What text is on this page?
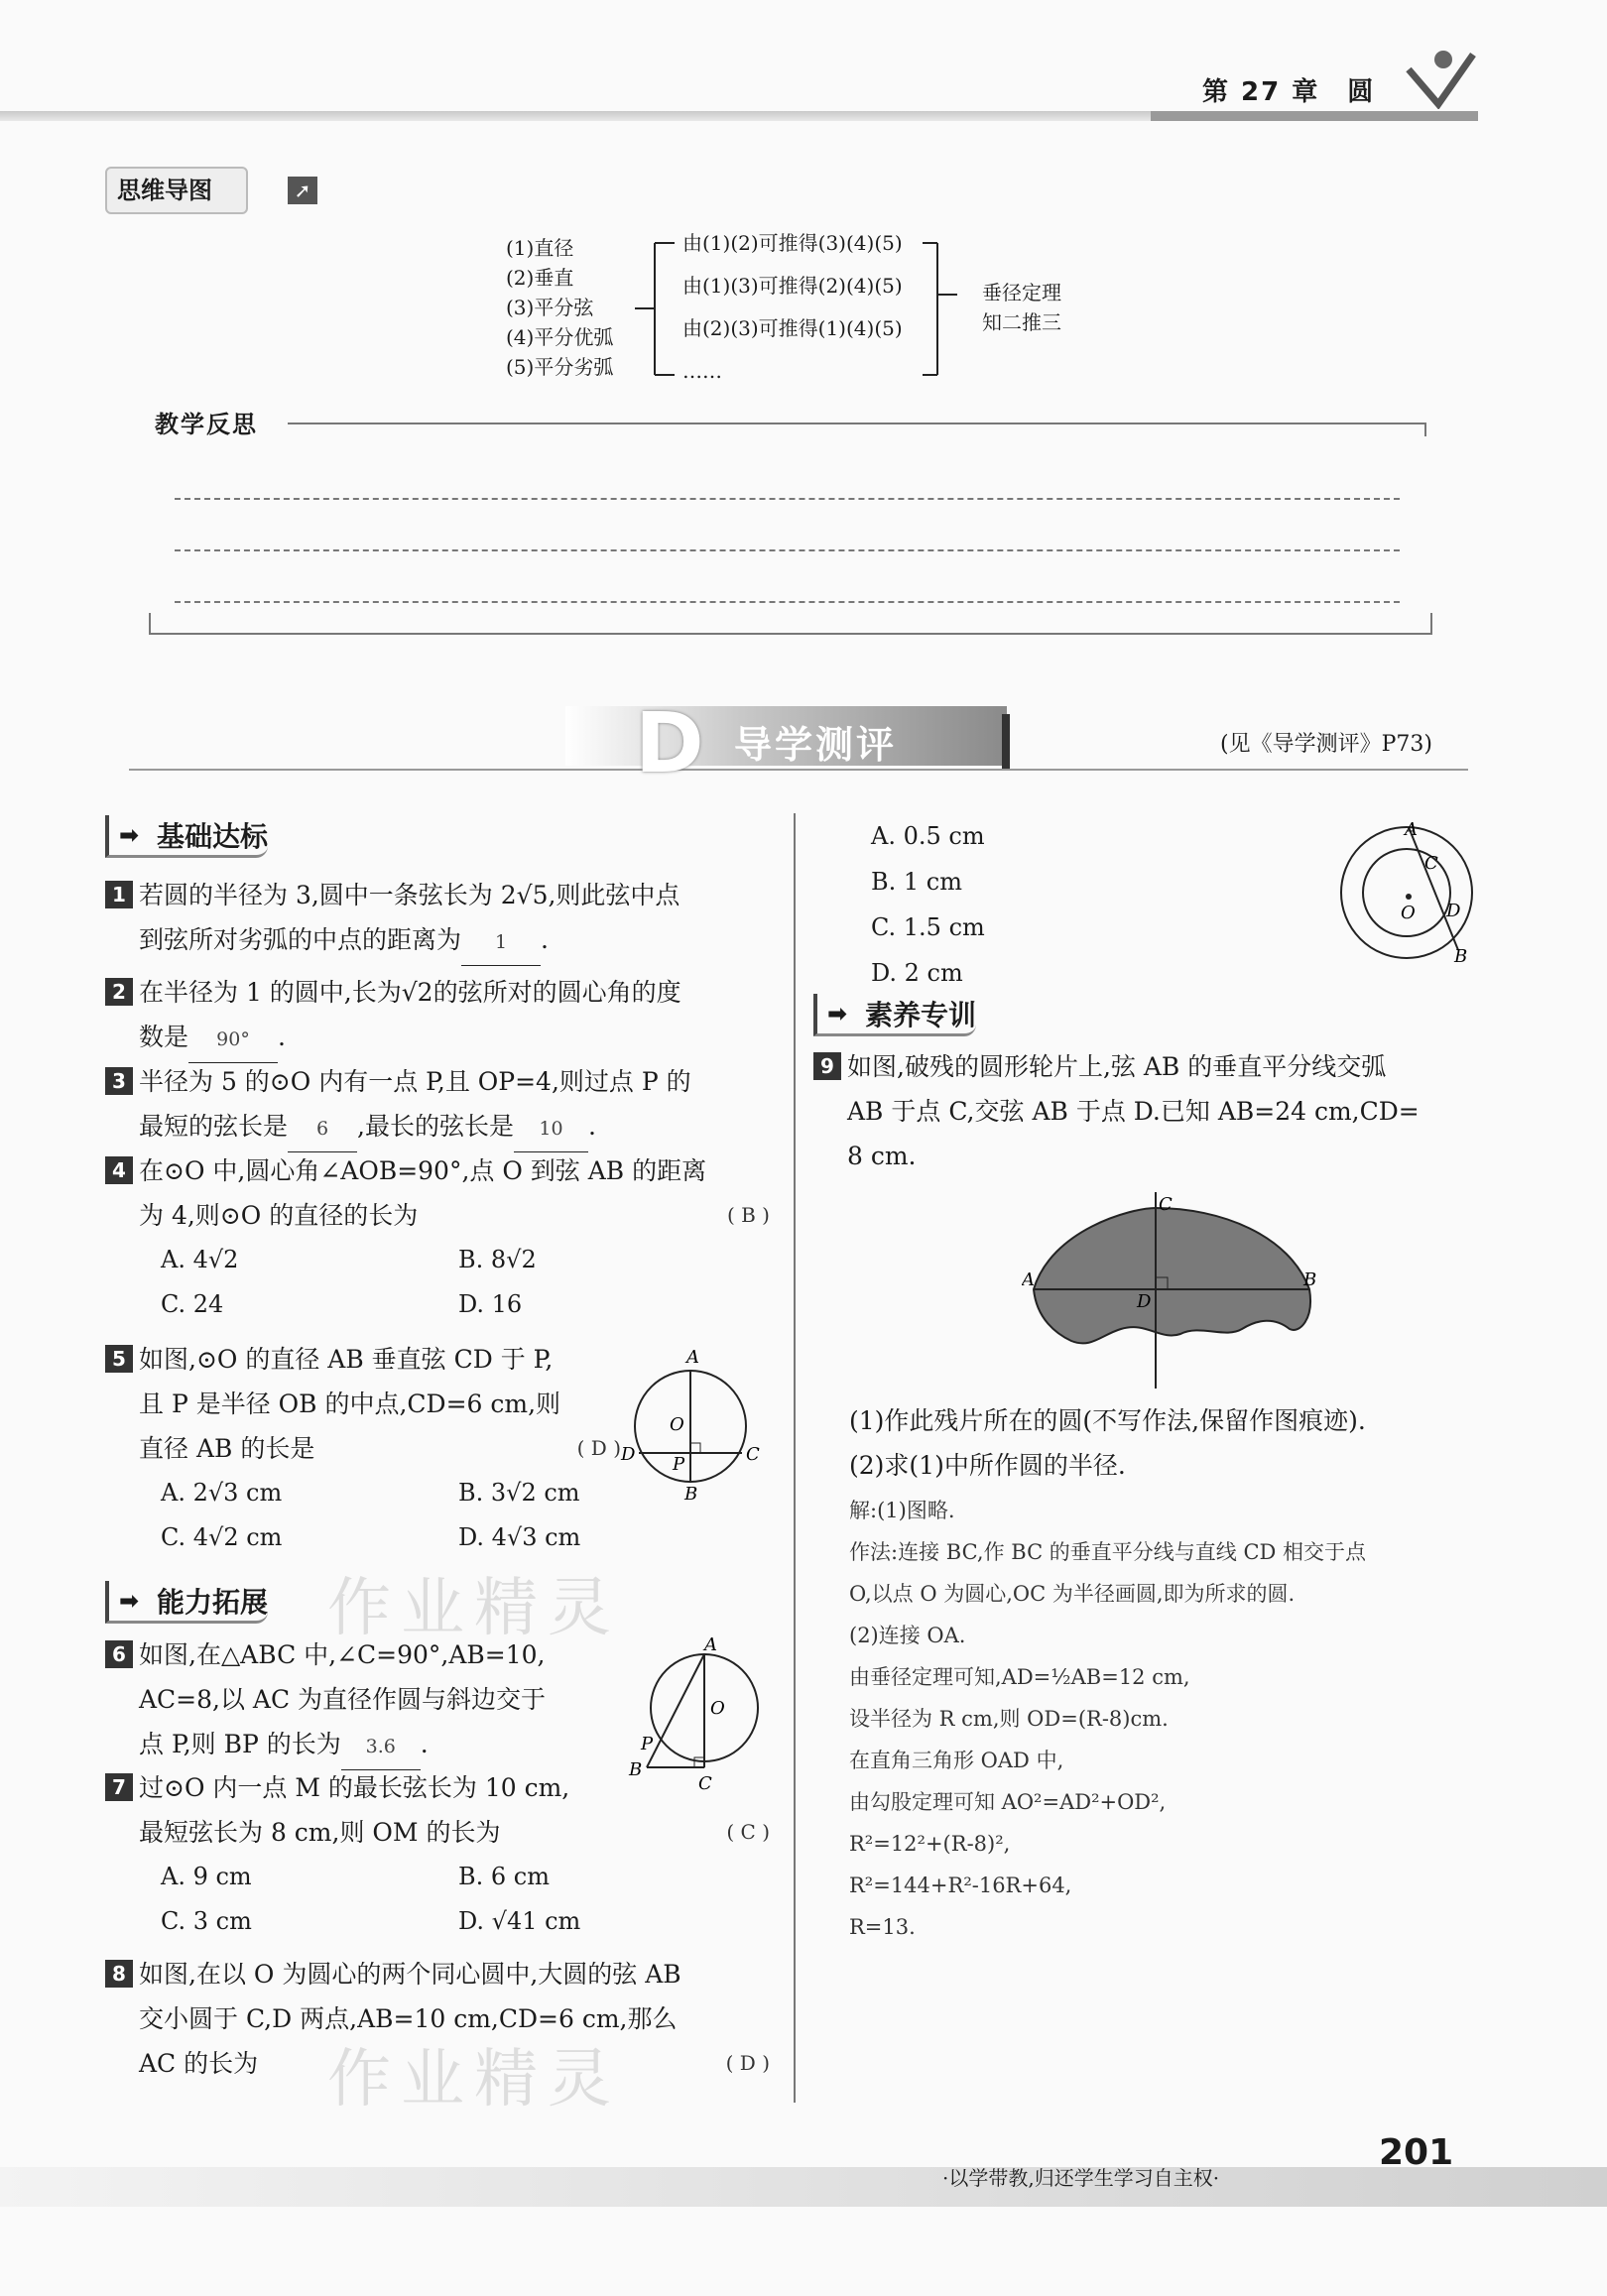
第 27 章　圆
思维导图	➚
(1)直径
(2)垂直
(3)平分弦
(4)平分优弧
(5)平分劣弧
由(1)(2)可推得(3)(4)(5)
由(1)(3)可推得(2)(4)(5)
由(2)(3)可推得(1)(4)(5)
……
垂径定理
知二推三
教学反思
D 导学测评	(见《导学测评》P73)
➡ 基础达标
1 若圆的半径为 3,圆中一条弦长为 2√5,则此弦中点
到弦所对劣弧的中点的距离为 1 .
2 在半径为 1 的圆中,长为√2的弦所对的圆心角的度
数是 90° .
3 半径为 5 的⊙O 内有一点 P,且 OP=4,则过点 P 的
最短的弦长是 6 ,最长的弦长是 10 .
4 在⊙O 中,圆心角∠AOB=90°,点 O 到弦 AB 的距离
为 4,则⊙O 的直径的长为	( B )
A. 4√2	B. 8√2
C. 24	D. 16
5 如图,⊙O 的直径 AB 垂直弦 CD 于 P,
且 P 是半径 OB 的中点,CD=6 cm,则
直径 AB 的长是	( D )
A. 2√3 cm	B. 3√2 cm
C. 4√2 cm	D. 4√3 cm
A
O
D P	C
B
➡ 能力拓展
6 如图,在△ABC 中,∠C=90°,AB=10,
AC=8,以 AC 为直径作圆与斜边交于
点 P,则 BP 的长为 3.6 .
A
O
P
B
C
7 过⊙O 内一点 M 的最长弦长为 10 cm,
最短弦长为 8 cm,则 OM 的长为	( C )
A. 9 cm	B. 6 cm
C. 3 cm	D. √41 cm
8 如图,在以 O 为圆心的两个同心圆中,大圆的弦 AB
交小圆于 C,D 两点,AB=10 cm,CD=6 cm,那么
AC 的长为	( D )
A. 0.5 cm
B. 1 cm
C. 1.5 cm
D. 2 cm
A
C
O D
B
➡ 素养专训
9 如图,破残的圆形轮片上,弦 AB 的垂直平分线交弧
AB 于点 C,交弦 AB 于点 D.已知 AB=24 cm,CD=
8 cm.
C
A
D
B
(1)作此残片所在的圆(不写作法,保留作图痕迹).
(2)求(1)中所作圆的半径.
解:(1)图略.
作法:连接 BC,作 BC 的垂直平分线与直线 CD 相交于点
O,以点 O 为圆心,OC 为半径画圆,即为所求的圆.
(2)连接 OA.
由垂径定理可知,AD=½AB=12 cm,
设半径为 R cm,则 OD=(R-8)cm.
在直角三角形 OAD 中,
由勾股定理可知 AO²=AD²+OD²,
R²=12²+(R-8)²,
R²=144+R²-16R+64,
R=13.
作业精灵
作业精灵
·以学带教,归还学生学习自主权·
201
